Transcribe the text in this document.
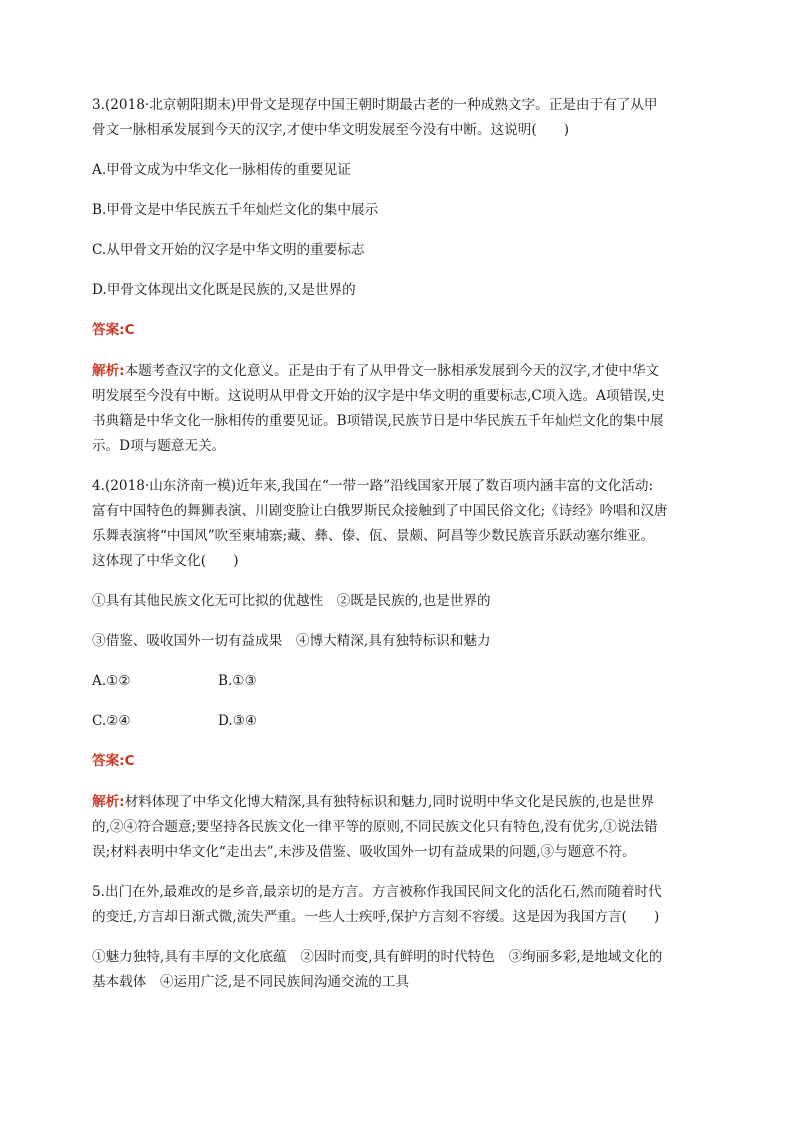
3.(2018·北京朝阳期末)甲骨文是现存中国王朝时期最古老的一种成熟文字。正是由于有了从甲
骨文一脉相承发展到今天的汉字,才使中华文明发展至今没有中断。这说明(　　)
A.甲骨文成为中华文化一脉相传的重要见证
B.甲骨文是中华民族五千年灿烂文化的集中展示
C.从甲骨文开始的汉字是中华文明的重要标志
D.甲骨文体现出文化既是民族的,又是世界的
答案:C
解析:本题考查汉字的文化意义。正是由于有了从甲骨文一脉相承发展到今天的汉字,才使中华文
明发展至今没有中断。这说明从甲骨文开始的汉字是中华文明的重要标志,C项入选。A项错误,史
书典籍是中华文化一脉相传的重要见证。B项错误,民族节日是中华民族五千年灿烂文化的集中展
示。D项与题意无关。
4.(2018·山东济南一模)近年来,我国在“一带一路”沿线国家开展了数百项内涵丰富的文化活动:
富有中国特色的舞狮表演、川剧变脸让白俄罗斯民众接触到了中国民俗文化;《诗经》吟唱和汉唐
乐舞表演将“中国风”吹至柬埔寨;藏、彝、傣、佤、景颇、阿昌等少数民族音乐跃动塞尔维亚。
这体现了中华文化(　　)
①具有其他民族文化无可比拟的优越性　②既是民族的,也是世界的
③借鉴、吸收国外一切有益成果　④博大精深,具有独特标识和魅力
A.①②	B.①③
C.②④	D.③④
答案:C
解析:材料体现了中华文化博大精深,具有独特标识和魅力,同时说明中华文化是民族的,也是世界
的,②④符合题意;要坚持各民族文化一律平等的原则,不同民族文化只有特色,没有优劣,①说法错
误;材料表明中华文化“走出去”,未涉及借鉴、吸收国外一切有益成果的问题,③与题意不符。
5.出门在外,最难改的是乡音,最亲切的是方言。方言被称作我国民间文化的活化石,然而随着时代
的变迁,方言却日渐式微,流失严重。一些人士疾呼,保护方言刻不容缓。这是因为我国方言(　　)
①魅力独特,具有丰厚的文化底蕴　②因时而变,具有鲜明的时代特色　③绚丽多彩,是地域文化的
基本载体　④运用广泛,是不同民族间沟通交流的工具
